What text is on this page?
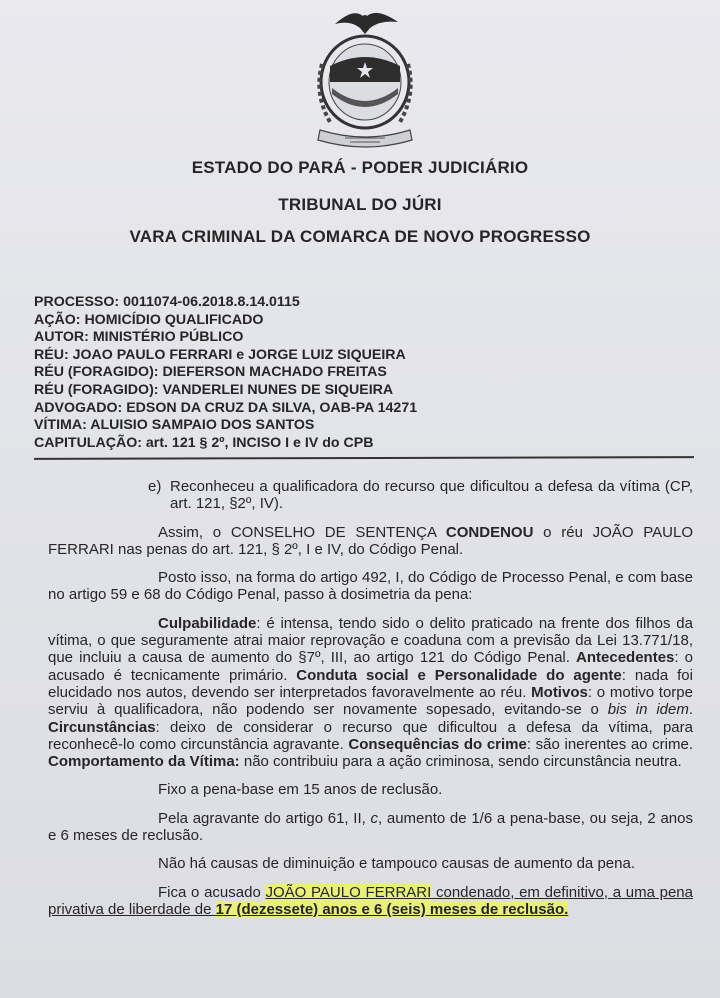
ESTADO DO PARÁ - PODER JUDICIÁRIO
TRIBUNAL DO JÚRI
VARA CRIMINAL DA COMARCA DE NOVO PROGRESSO
PROCESSO: 0011074-06.2018.8.14.0115
AÇÃO: HOMICÍDIO QUALIFICADO
AUTOR: MINISTÉRIO PÚBLICO
RÉU: JOAO PAULO FERRARI e JORGE LUIZ SIQUEIRA
RÉU (FORAGIDO): DIEFERSON MACHADO FREITAS
RÉU (FORAGIDO): VANDERLEI NUNES DE SIQUEIRA
ADVOGADO: EDSON DA CRUZ DA SILVA, OAB-PA 14271
VÍTIMA: ALUISIO SAMPAIO DOS SANTOS
CAPITULAÇÃO: art. 121 § 2º, INCISO I e IV do CPB

e) Reconheceu a qualificadora do recurso que dificultou a defesa da vítima (CP, art. 121, §2º, IV).

Assim, o CONSELHO DE SENTENÇA CONDENOU o réu JOÃO PAULO FERRARI nas penas do art. 121, § 2º, I e IV, do Código Penal.

Posto isso, na forma do artigo 492, I, do Código de Processo Penal, e com base no artigo 59 e 68 do Código Penal, passo à dosimetria da pena:

Culpabilidade: é intensa, tendo sido o delito praticado na frente dos filhos da vítima, o que seguramente atrai maior reprovação e coaduna com a previsão da Lei 13.771/18, que incluiu a causa de aumento do §7º, III, ao artigo 121 do Código Penal. Antecedentes: o acusado é tecnicamente primário. Conduta social e Personalidade do agente: nada foi elucidado nos autos, devendo ser interpretados favoravelmente ao réu. Motivos: o motivo torpe serviu à qualificadora, não podendo ser novamente sopesado, evitando-se o bis in idem. Circunstâncias: deixo de considerar o recurso que dificultou a defesa da vítima, para reconhecê-lo como circunstância agravante. Consequências do crime: são inerentes ao crime. Comportamento da Vítima: não contribuiu para a ação criminosa, sendo circunstância neutra.

Fixo a pena-base em 15 anos de reclusão.

Pela agravante do artigo 61, II, c, aumento de 1/6 a pena-base, ou seja, 2 anos e 6 meses de reclusão.

Não há causas de diminuição e tampouco causas de aumento da pena.

Fica o acusado JOÃO PAULO FERRARI condenado, em definitivo, a uma pena privativa de liberdade de 17 (dezessete) anos e 6 (seis) meses de reclusão.
